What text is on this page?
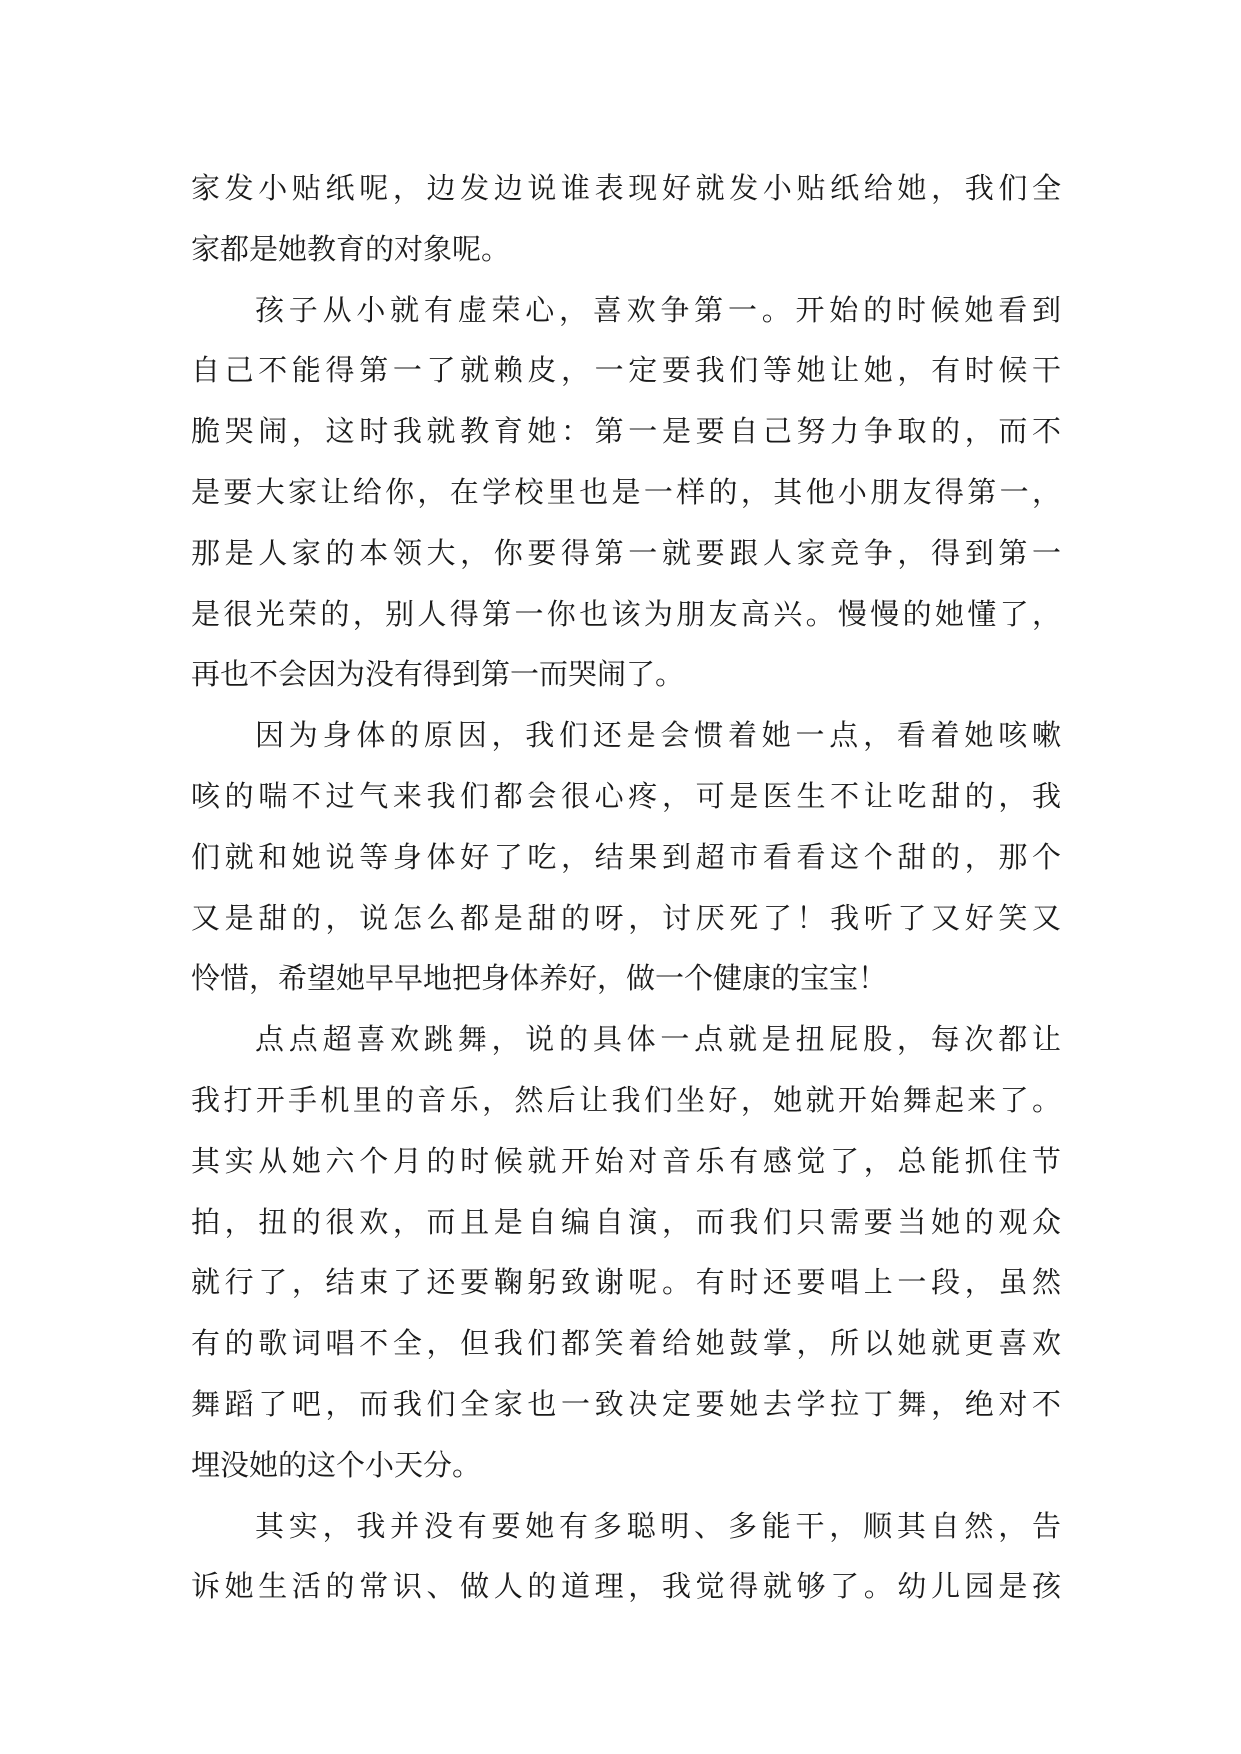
家发小贴纸呢，边发边说谁表现好就发小贴纸给她，我们全
家都是她教育的对象呢。
孩子从小就有虚荣心，喜欢争第一。开始的时候她看到
自己不能得第一了就赖皮，一定要我们等她让她，有时候干
脆哭闹，这时我就教育她：第一是要自己努力争取的，而不
是要大家让给你，在学校里也是一样的，其他小朋友得第一，
那是人家的本领大，你要得第一就要跟人家竞争，得到第一
是很光荣的，别人得第一你也该为朋友高兴。慢慢的她懂了，
再也不会因为没有得到第一而哭闹了。
因为身体的原因，我们还是会惯着她一点，看着她咳嗽
咳的喘不过气来我们都会很心疼，可是医生不让吃甜的，我
们就和她说等身体好了吃，结果到超市看看这个甜的，那个
又是甜的，说怎么都是甜的呀，讨厌死了！我听了又好笑又
怜惜，希望她早早地把身体养好，做一个健康的宝宝！
点点超喜欢跳舞，说的具体一点就是扭屁股，每次都让
我打开手机里的音乐，然后让我们坐好，她就开始舞起来了。
其实从她六个月的时候就开始对音乐有感觉了，总能抓住节
拍，扭的很欢，而且是自编自演，而我们只需要当她的观众
就行了，结束了还要鞠躬致谢呢。有时还要唱上一段，虽然
有的歌词唱不全，但我们都笑着给她鼓掌，所以她就更喜欢
舞蹈了吧，而我们全家也一致决定要她去学拉丁舞，绝对不
埋没她的这个小天分。
其实，我并没有要她有多聪明、多能干，顺其自然，告
诉她生活的常识、做人的道理，我觉得就够了。幼儿园是孩
